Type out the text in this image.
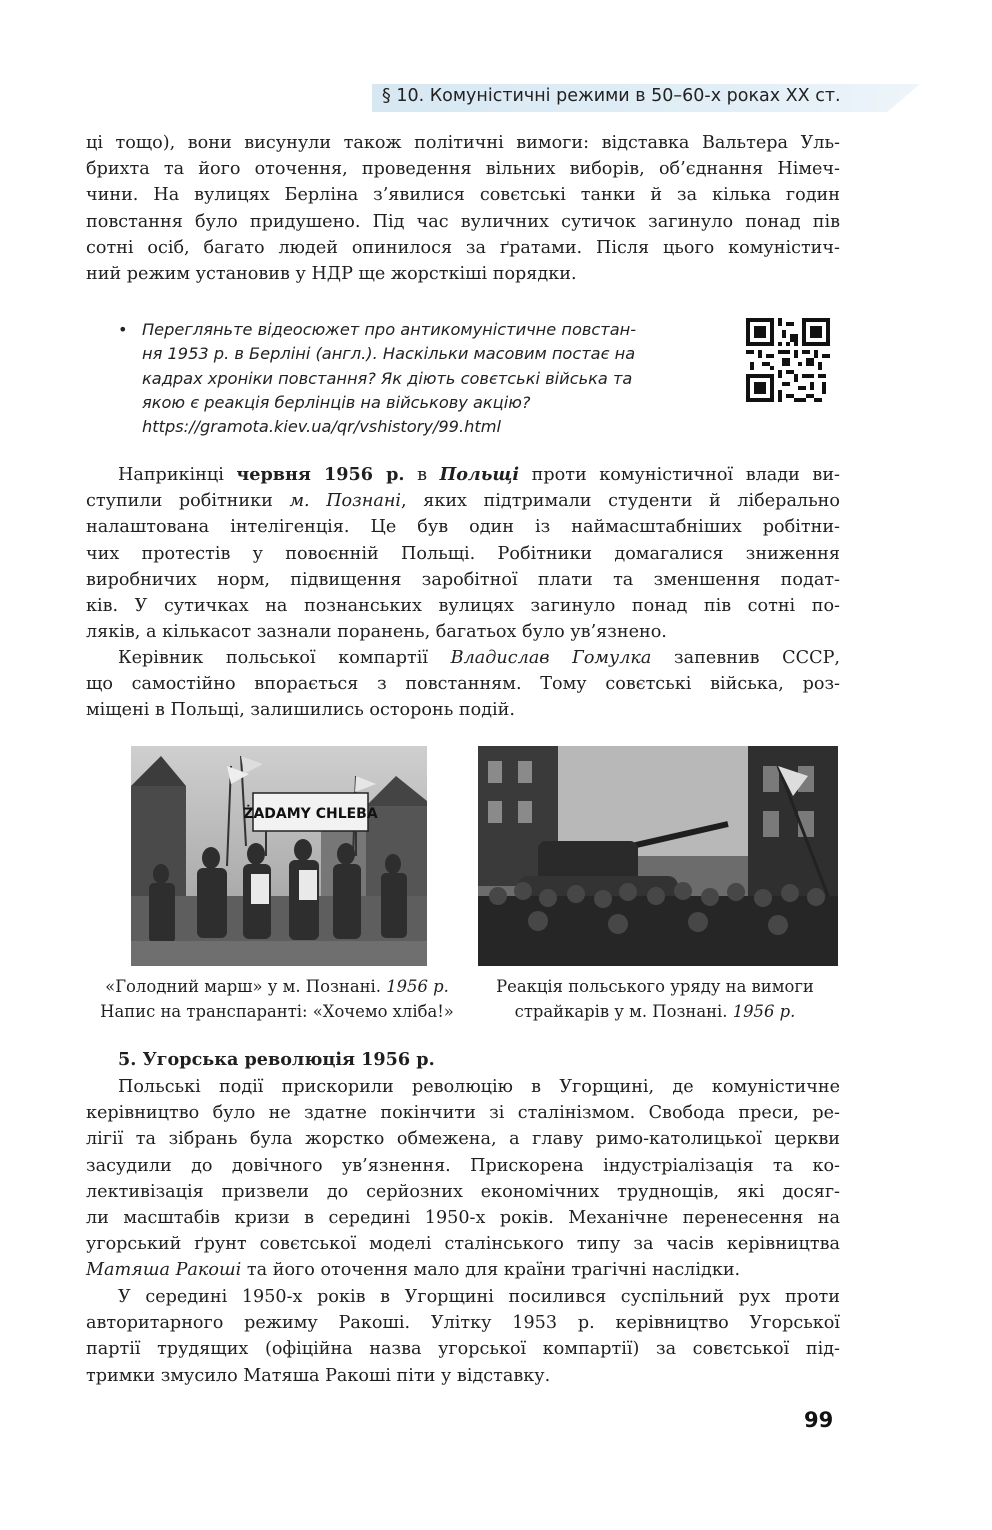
§ 10. Комуністичні режими в 50–60-х роках ХХ ст.
ці тощо), вони висунули також політичні вимоги: відставка Вальтера Уль-
брихта та його оточення, проведення вільних виборів, об’єднання Німеч-
чини. На вулицях Берліна з’явилися совєтські танки й за кілька годин
повстання було придушено. Під час вуличних сутичок загинуло понад пів
сотні осіб, багато людей опинилося за ґратами. Після цього комуністич-
ний режим установив у НДР ще жорсткіші порядки.
• Перегляньте відеосюжет про антикомуністичне повстан-
ня 1953 р. в Берліні (англ.). Наскільки масовим постає на
кадрах хроніки повстання? Як діють совєтські війська та
якою є реакція берлінців на військову акцію?
https://gramota.kiev.ua/qr/vshistory/99.html
Наприкінці червня 1956 р. в Польщі проти комуністичної влади ви-
ступили робітники м. Познані, яких підтримали студенти й ліберально
налаштована інтелігенція. Це був один із наймасштабніших робітни-
чих протестів у повоєнній Польщі. Робітники домагалися зниження
виробничих норм, підвищення заробітної плати та зменшення подат-
ків. У сутичках на познанських вулицях загинуло понад пів сотні по-
ляків, а кількасот зазнали поранень, багатьох було ув’язнено.
Керівник польської компартії Владислав Гомулка запевнив СССР,
що самостійно впорається з повстанням. Тому совєтські війська, роз-
міщені в Польщі, залишились осторонь подій.
ŻADAMY CHLEBA
«Голодний марш» у м. Познані. 1956 р.
Напис на транспаранті: «Хочемо хліба!»
Реакція польського уряду на вимоги
страйкарів у м. Познані. 1956 р.
5. Угорська революція 1956 р.
Польські події прискорили революцію в Угорщині, де комуністичне
керівництво було не здатне покінчити зі сталінізмом. Свобода преси, ре-
лігії та зібрань була жорстко обмежена, а главу римо-католицької церкви
засудили до довічного ув’язнення. Прискорена індустріалізація та ко-
лективізація призвели до серйозних економічних труднощів, які досяг-
ли масштабів кризи в середині 1950-х років. Механічне перенесення на
угорський ґрунт совєтської моделі сталінського типу за часів керівництва
Матяша Ракоші та його оточення мало для країни трагічні наслідки.
У середині 1950-х років в Угорщині посилився суспільний рух проти
авторитарного режиму Ракоші. Улітку 1953 р. керівництво Угорської
партії трудящих (офіційна назва угорської компартії) за совєтської під-
тримки змусило Матяша Ракоші піти у відставку.
99
